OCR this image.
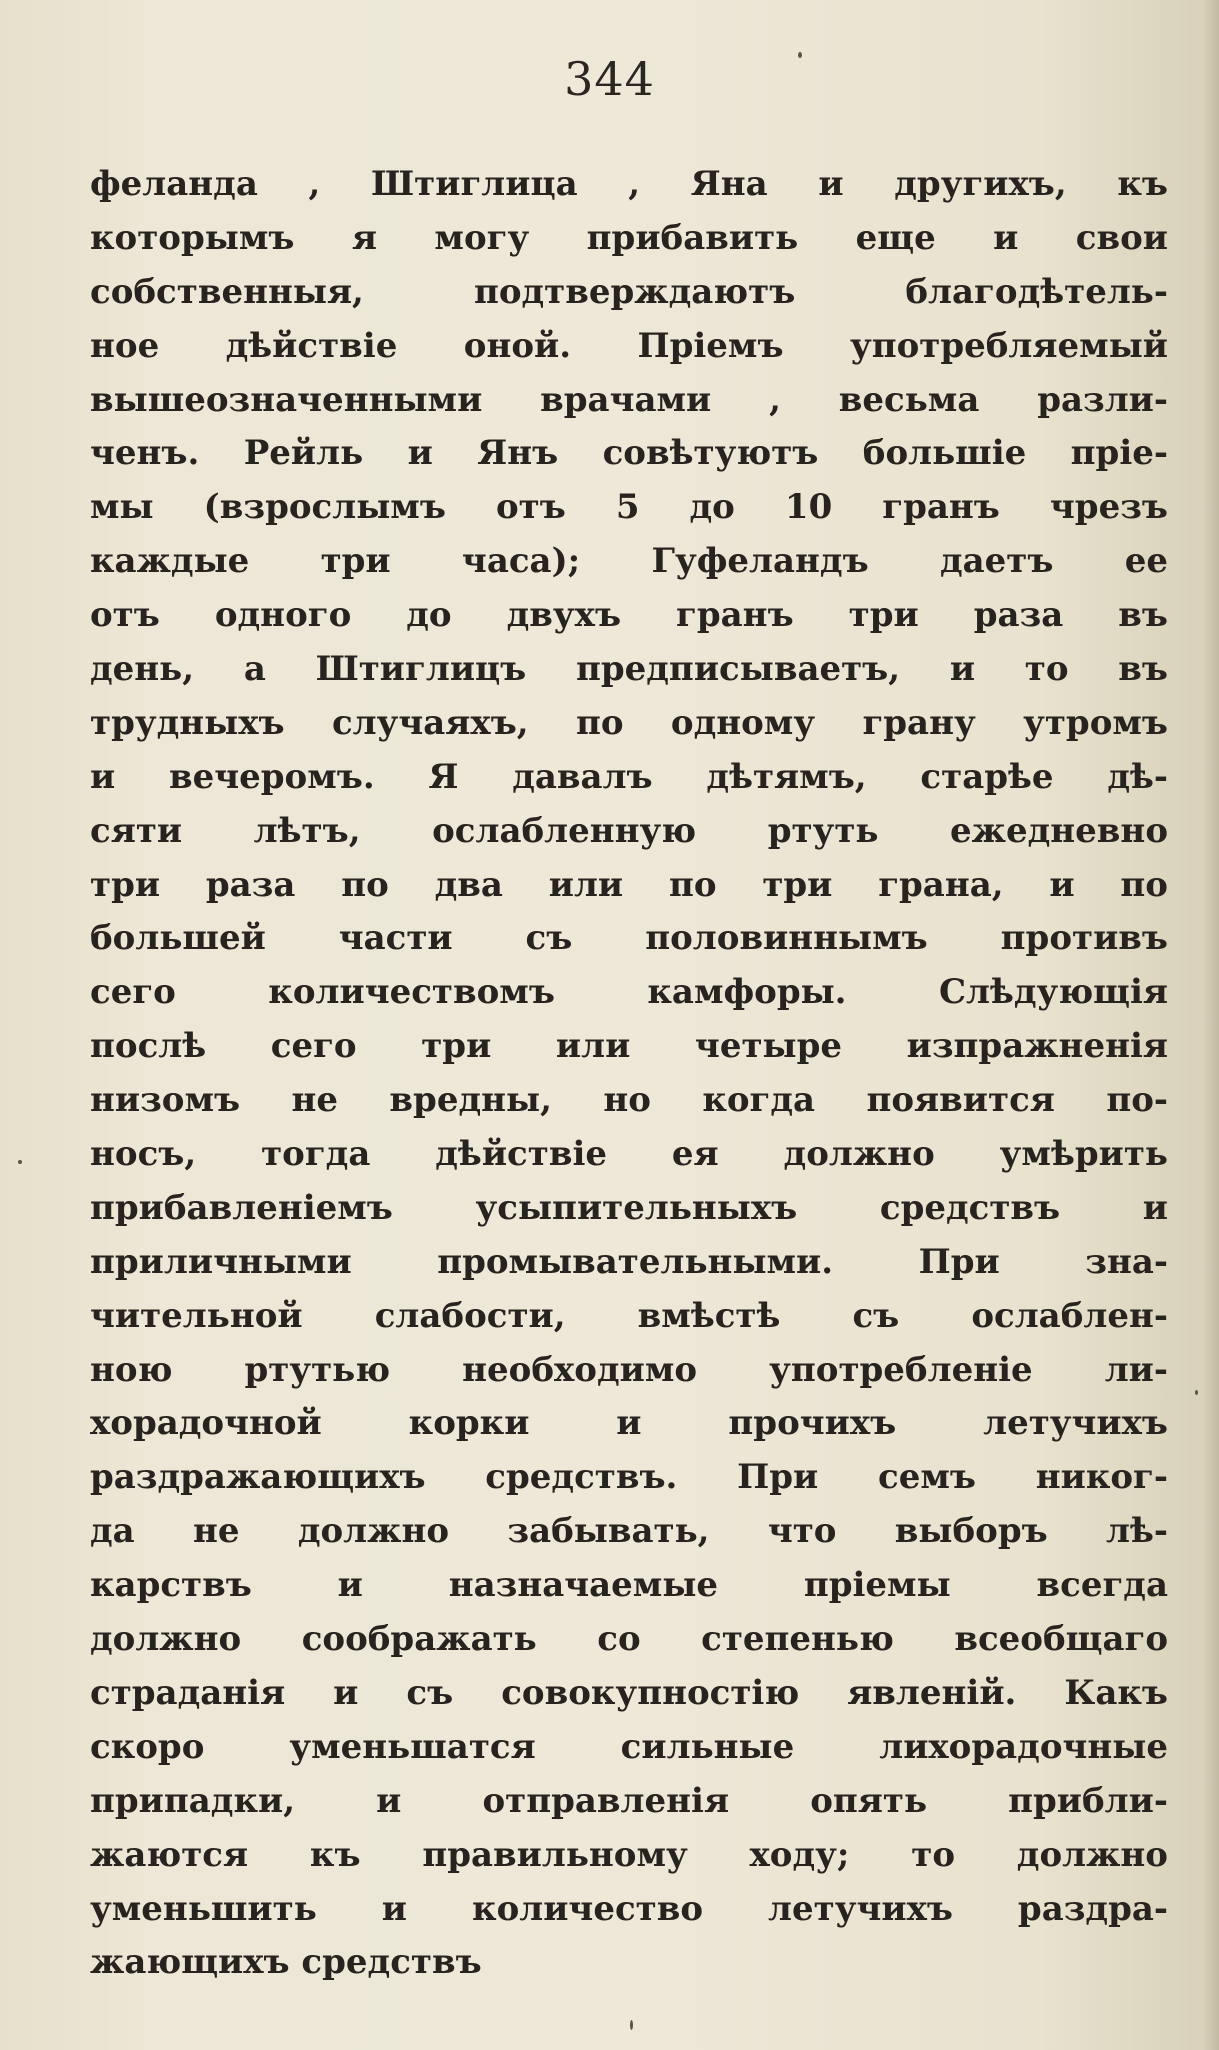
344
феланда , Штиглица , Яна и другихъ, къ
которымъ я могу прибавить еще и свои
собственныя, подтверждаютъ благодѣтель-
ное дѣйствіе оной. Пріемъ употребляемый
вышеозначенными врачами , весьма разли-
ченъ. Рейль и Янъ совѣтуютъ большіе пріе-
мы (взрослымъ отъ 5 до 10 гранъ чрезъ
каждые три часа); Гуфеландъ даетъ ее
отъ одного до двухъ гранъ три раза въ
день, а Штиглицъ предписываетъ, и то въ
трудныхъ случаяхъ, по одному грану утромъ
и вечеромъ. Я давалъ дѣтямъ, старѣе дѣ-
сяти лѣтъ, ослабленную ртуть ежедневно
три раза по два или по три грана, и по
большей части съ половиннымъ противъ
сего количествомъ камфоры. Слѣдующія
послѣ сего три или четыре изпражненія
низомъ не вредны, но когда появится по-
носъ, тогда дѣйствіе ея должно умѣрить
прибавленіемъ усыпительныхъ средствъ и
приличными промывательными. При зна-
чительной слабости, вмѣстѣ съ ослаблен-
ною ртутью необходимо употребленіе ли-
хорадочной корки и прочихъ летучихъ
раздражающихъ средствъ. При семъ никог-
да не должно забывать, что выборъ лѣ-
карствъ и назначаемые пріемы всегда
должно соображать со степенью всеобщаго
страданія и съ совокупностію явленій. Какъ
скоро уменьшатся сильные лихорадочные
припадки, и отправленія опять прибли-
жаются къ правильному ходу; то должно
уменьшить и количество летучихъ раздра-
жающихъ средствъ
